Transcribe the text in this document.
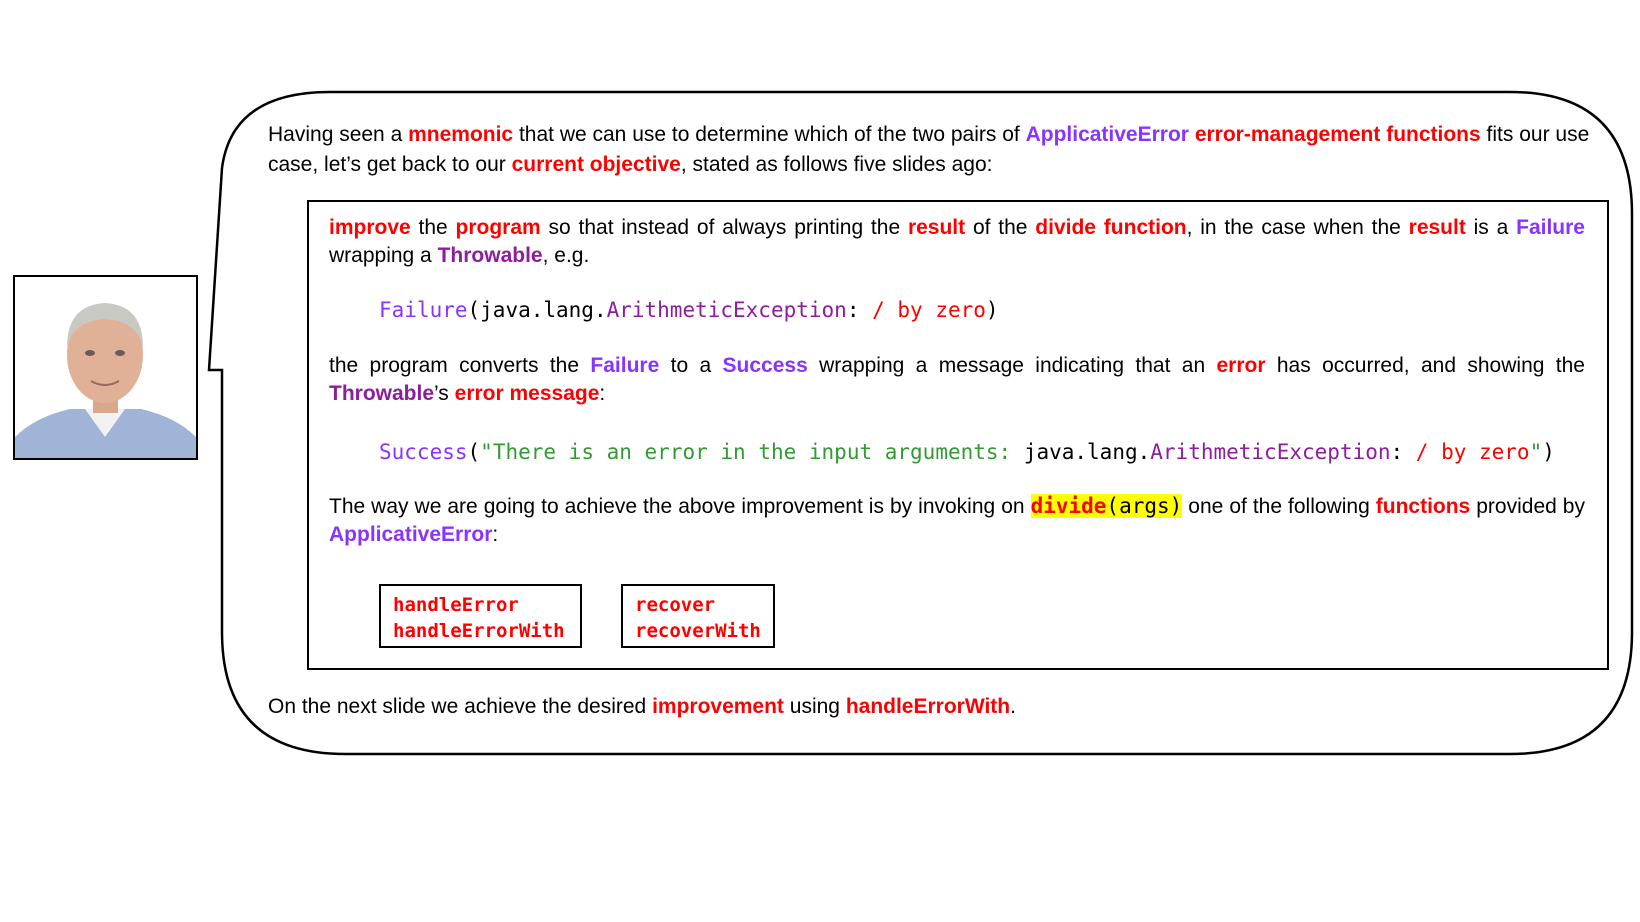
Having seen a mnemonic that we can use to determine which of the two pairs of ApplicativeError error-management functions fits our use case, let’s get back to our current objective, stated as follows five slides ago:
improve the program so that instead of always printing the result of the divide function, in the case when the result is a Failure wrapping a Throwable, e.g.
Failure(java.lang.ArithmeticException: / by zero)
the program converts the Failure to a Success wrapping a message indicating that an error has occurred, and showing the Throwable’s error message:
Success("There is an error in the input arguments: java.lang.ArithmeticException: / by zero")
The way we are going to achieve the above improvement is by invoking on divide(args) one of the following functions provided by ApplicativeError:
handleError
handleErrorWith
recover
recoverWith
On the next slide we achieve the desired improvement using handleErrorWith.
